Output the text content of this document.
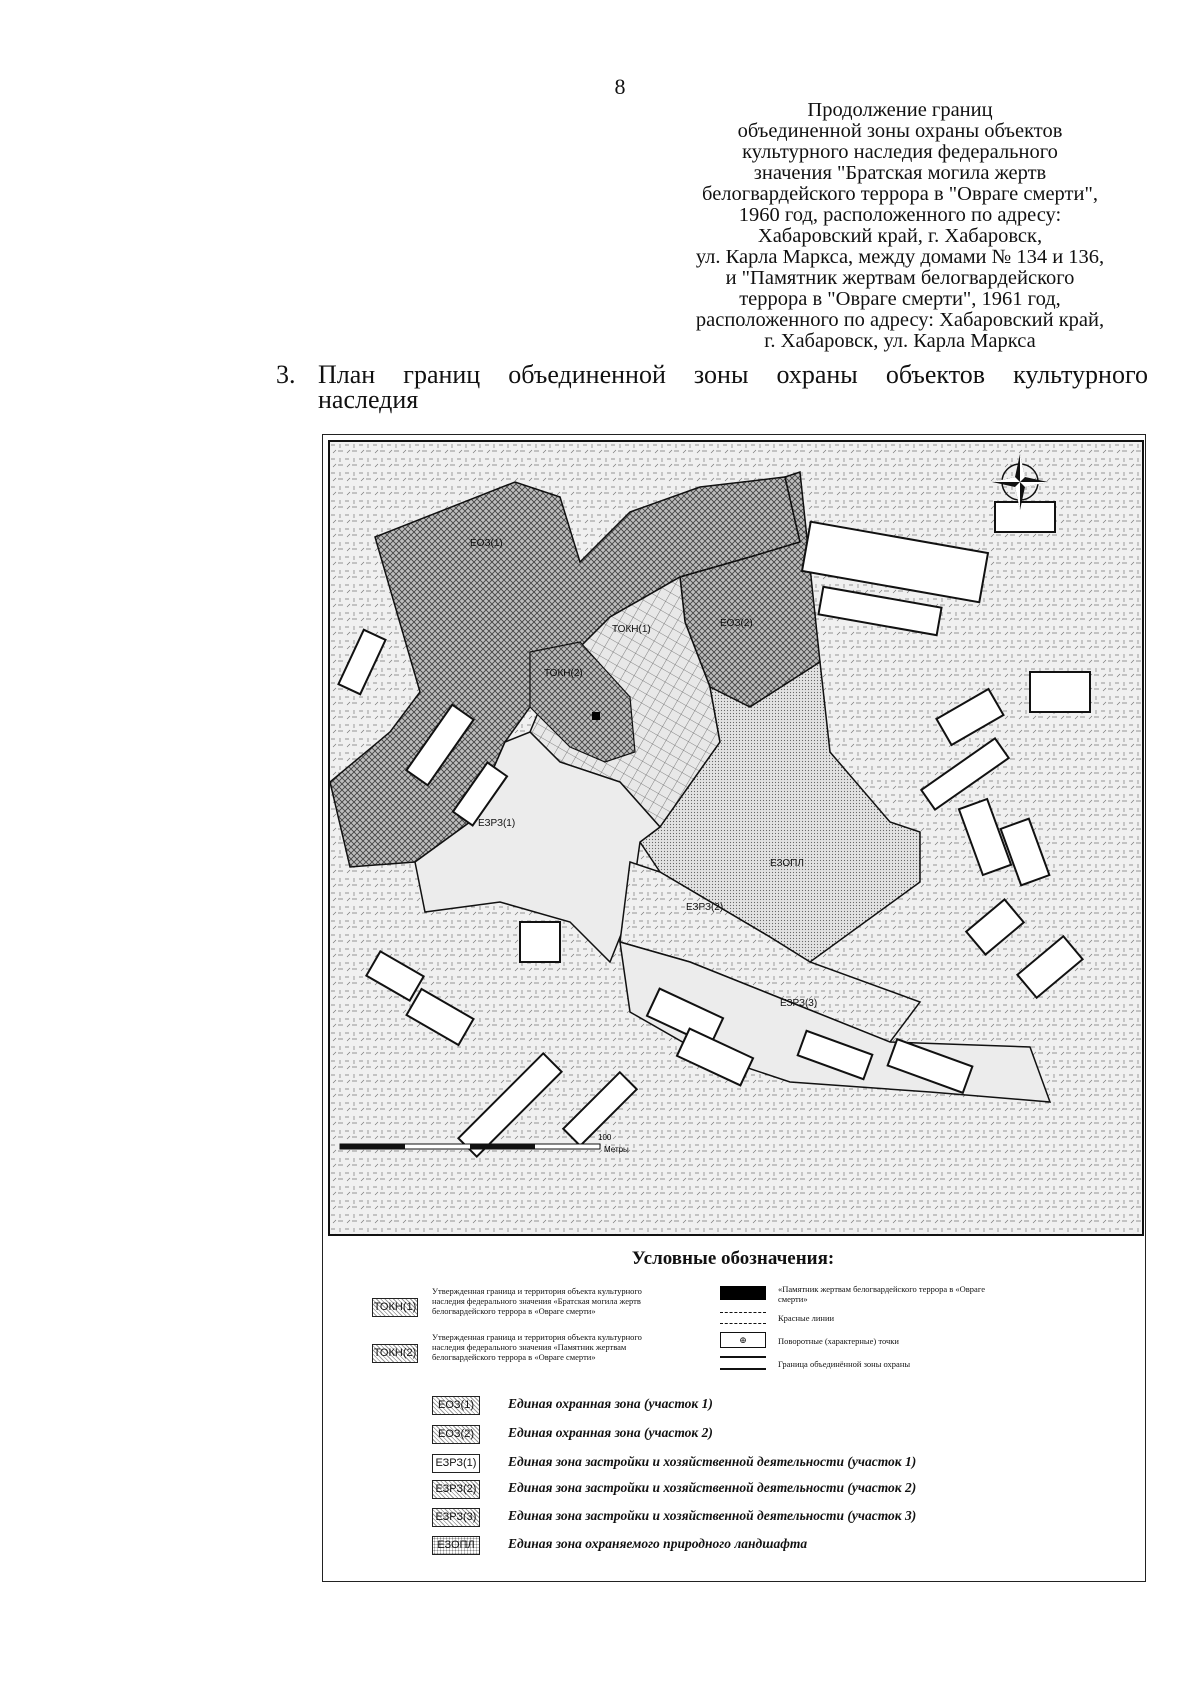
8
Продолжение границ
объединенной зоны охраны объектов
культурного наследия федерального
значения "Братская могила жертв
белогвардейского террора в "Овраге смерти",
1960 год, расположенного по адресу:
Хабаровский край, г. Хабаровск,
ул. Карла Маркса, между домами № 134 и 136,
и "Памятник жертвам белогвардейского
террора в "Овраге смерти", 1961 год,
расположенного по адресу: Хабаровский край,
г. Хабаровск, ул. Карла Маркса
3. План границ объединенной зоны охраны объектов культурного
наследия
ЕОЗ(1)
ЕОЗ(2)
ТОКН(1)
ТОКН(2)
ЕЗРЗ(1)
ЕЗРЗ(2)
ЕЗРЗ(3)
ЕЗОПЛ
100
Метры
Условные обозначения:
ТОКН(1)
Утвержденная граница и территория объекта культурного наследия федерального значения «Братская могила жертв белогвардейского террора в «Овраге смерти»
ТОКН(2)
Утвержденная граница и территория объекта культурного наследия федерального значения «Памятник жертвам белогвардейского террора в «Овраге смерти»
«Памятник жертвам белогвардейского террора в «Овраге смерти»
Красные линии
⊕	Поворотные (характерные) точки
Граница объединённой зоны охраны
ЕОЗ(1)	Единая охранная зона (участок 1)
ЕОЗ(2)	Единая охранная зона (участок 2)
ЕЗРЗ(1) Единая зона застройки и хозяйственной деятельности (участок 1)
ЕЗРЗ(2) Единая зона застройки и хозяйственной деятельности (участок 2)
ЕЗРЗ(3) Единая зона застройки и хозяйственной деятельности (участок 3)
ЕЗОПЛ	Единая зона охраняемого природного ландшафта
